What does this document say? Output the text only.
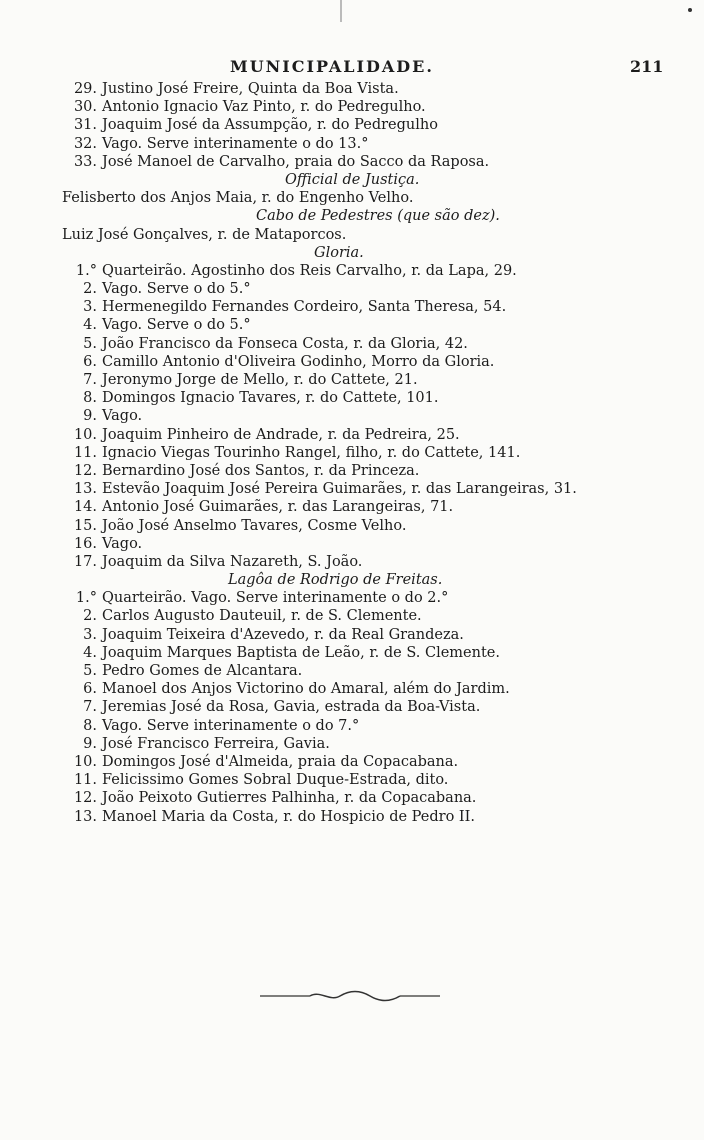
MUNICIPALIDADE.	211
29. Justino José Freire, Quinta da Boa Vista.
30. Antonio Ignacio Vaz Pinto, r. do Pedregulho.
31. Joaquim José da Assumpção, r. do Pedregulho
32. Vago. Serve interinamente o do 13.°
33. José Manoel de Carvalho, praia do Sacco da Raposa.
Official de Justiça.
Felisberto dos Anjos Maia, r. do Engenho Velho.
Cabo de Pedestres (que são dez).
Luiz José Gonçalves, r. de Mataporcos.
Gloria.
1.° Quarteirão. Agostinho dos Reis Carvalho, r. da Lapa, 29.
2. Vago. Serve o do 5.°
3. Hermenegildo Fernandes Cordeiro, Santa Theresa, 54.
4. Vago. Serve o do 5.°
5. João Francisco da Fonseca Costa, r. da Gloria, 42.
6. Camillo Antonio d'Oliveira Godinho, Morro da Gloria.
7. Jeronymo Jorge de Mello, r. do Cattete, 21.
8. Domingos Ignacio Tavares, r. do Cattete, 101.
9. Vago.
10. Joaquim Pinheiro de Andrade, r. da Pedreira, 25.
11. Ignacio Viegas Tourinho Rangel, filho, r. do Cattete, 141.
12. Bernardino José dos Santos, r. da Princeza.
13. Estevão Joaquim José Pereira Guimarães, r. das Larangeiras, 31.
14. Antonio José Guimarães, r. das Larangeiras, 71.
15. João José Anselmo Tavares, Cosme Velho.
16. Vago.
17. Joaquim da Silva Nazareth, S. João.
Lagôa de Rodrigo de Freitas.
1.° Quarteirão. Vago. Serve interinamente o do 2.°
2. Carlos Augusto Dauteuil, r. de S. Clemente.
3. Joaquim Teixeira d'Azevedo, r. da Real Grandeza.
4. Joaquim Marques Baptista de Leão, r. de S. Clemente.
5. Pedro Gomes de Alcantara.
6. Manoel dos Anjos Victorino do Amaral, além do Jardim.
7. Jeremias José da Rosa, Gavia, estrada da Boa-Vista.
8. Vago. Serve interinamente o do 7.°
9. José Francisco Ferreira, Gavia.
10. Domingos José d'Almeida, praia da Copacabana.
11. Felicissimo Gomes Sobral Duque-Estrada, dito.
12. João Peixoto Gutierres Palhinha, r. da Copacabana.
13. Manoel Maria da Costa, r. do Hospicio de Pedro II.
